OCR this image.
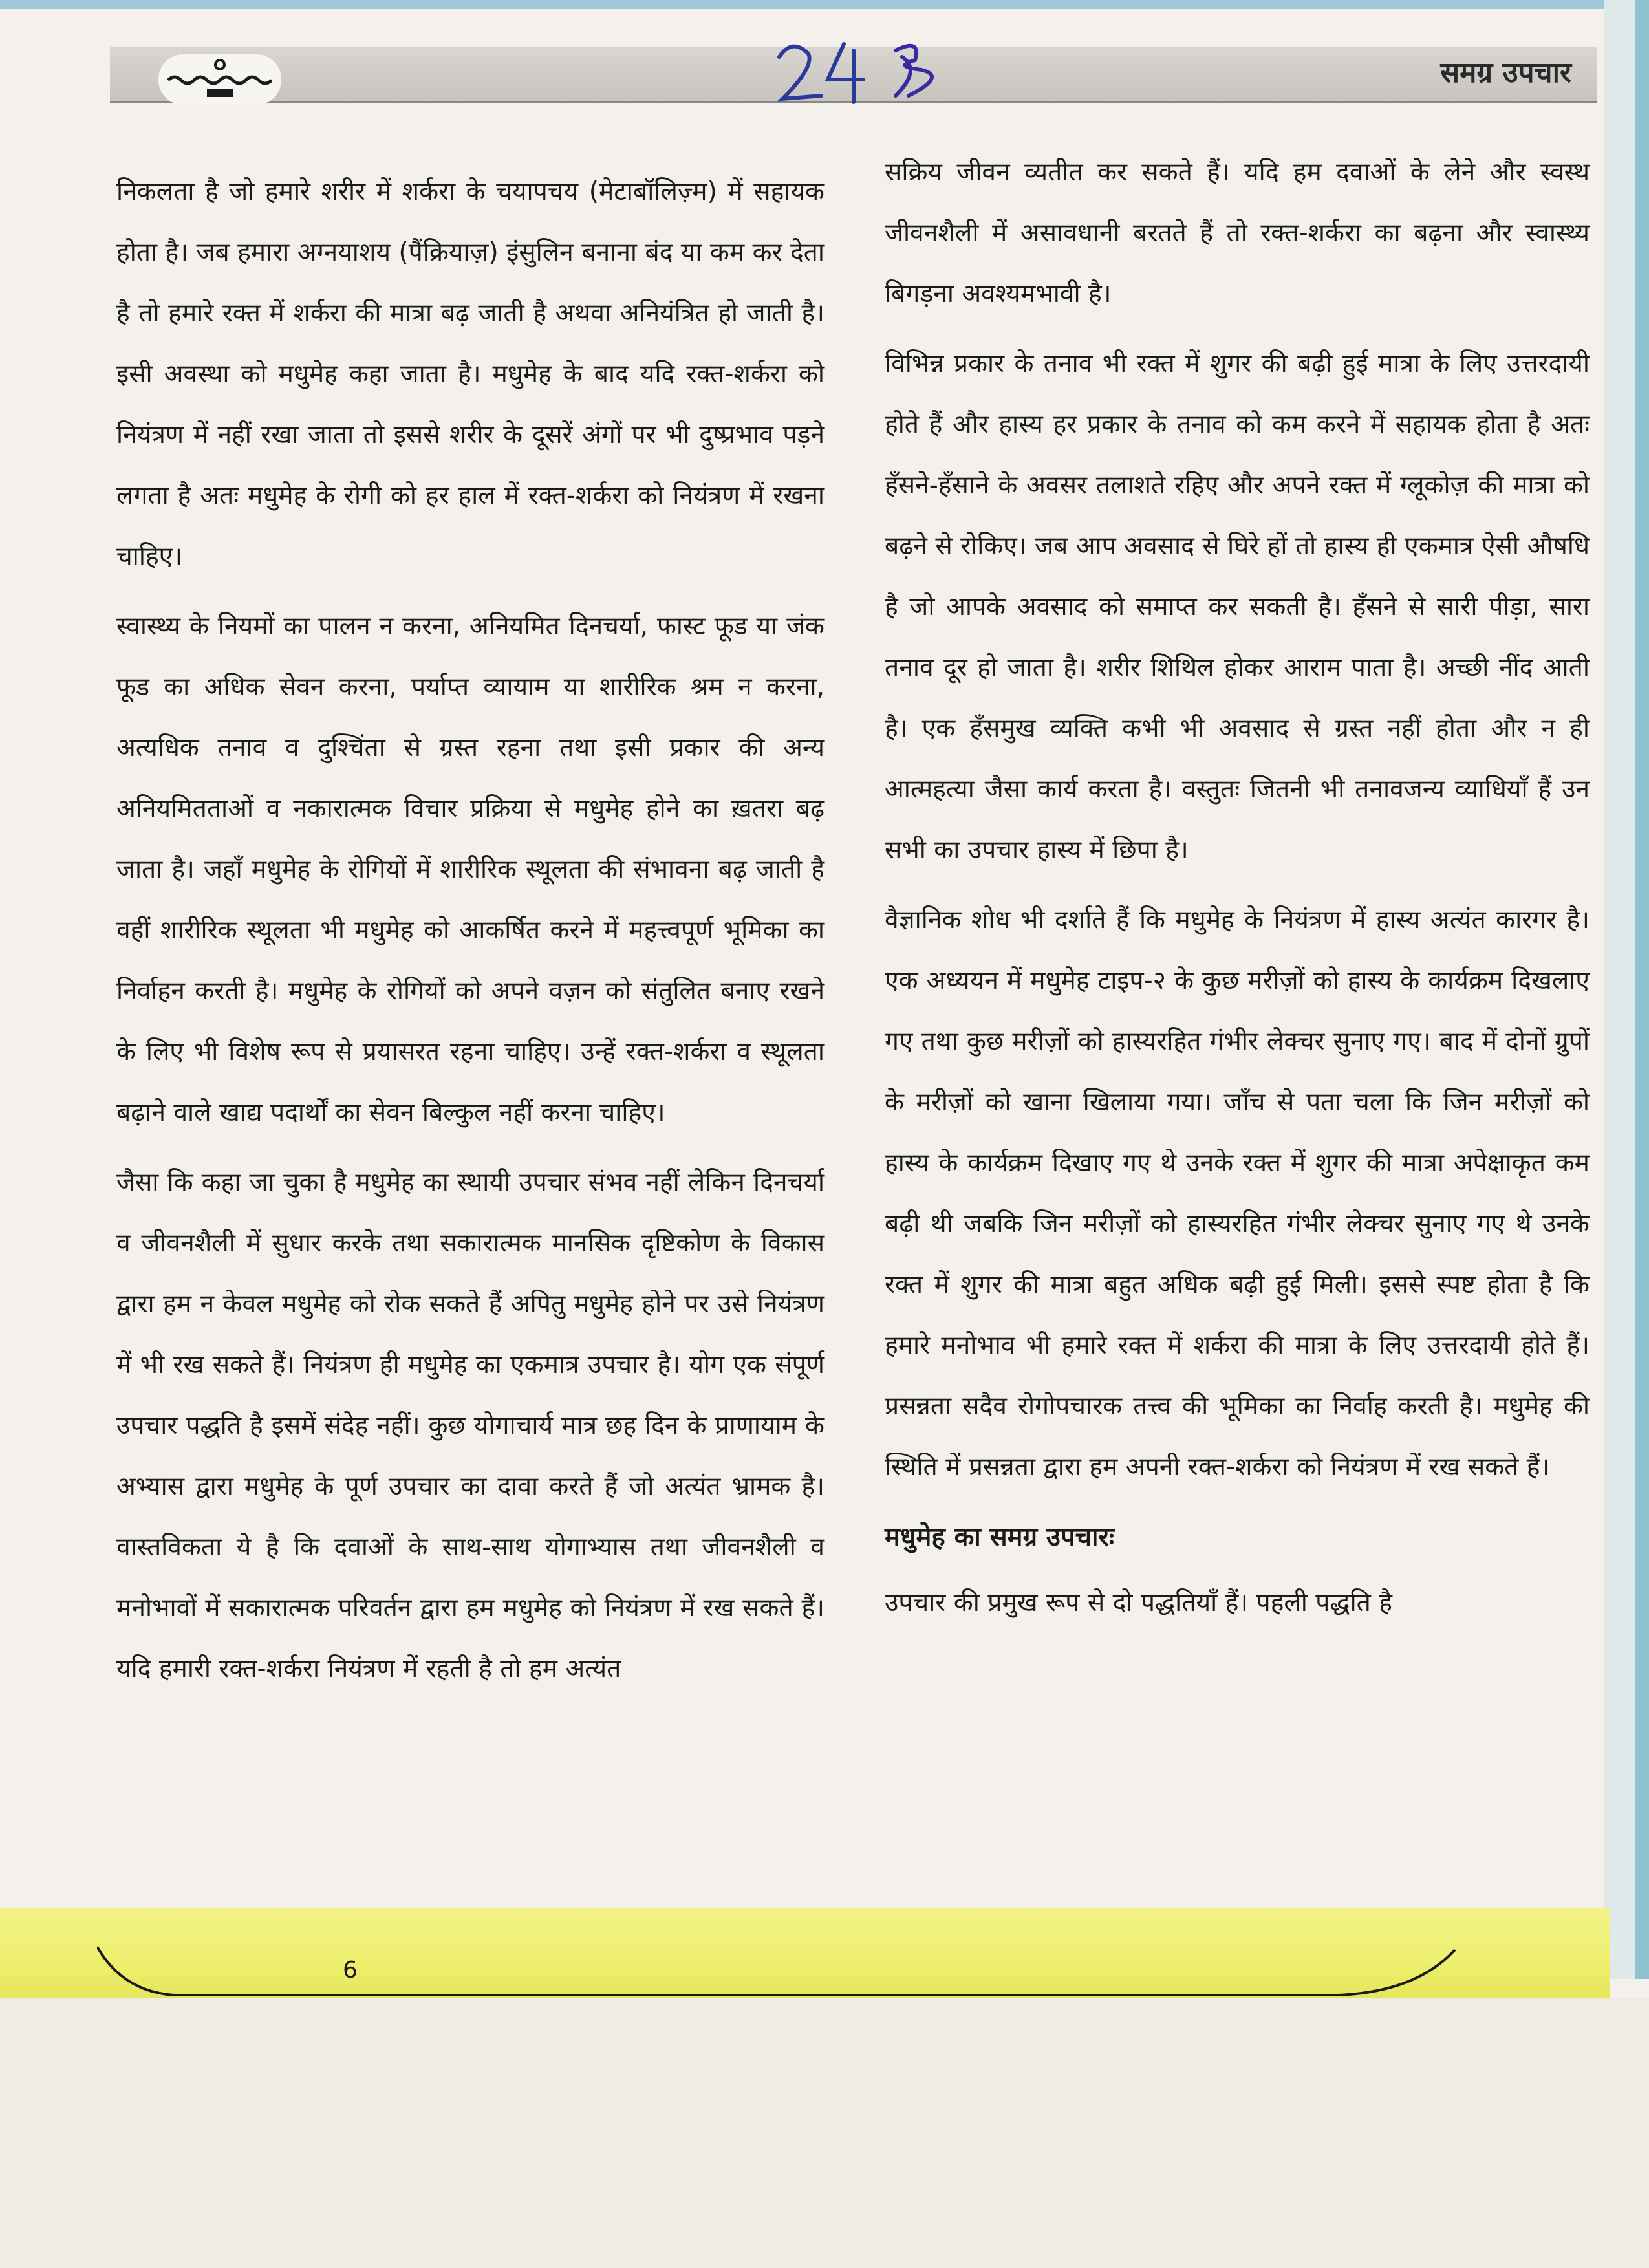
समग्र उपचार

निकलता है जो हमारे शरीर में शर्करा के चयापचय (मेटाबॉलिज़्म) में सहायक होता है। जब हमारा अग्नयाशय (पैंक्रियाज़) इंसुलिन बनाना बंद या कम कर देता है तो हमारे रक्त में शर्करा की मात्रा बढ़ जाती है अथवा अनियंत्रित हो जाती है। इसी अवस्था को मधुमेह कहा जाता है। मधुमेह के बाद यदि रक्त-शर्करा को नियंत्रण में नहीं रखा जाता तो इससे शरीर के दूसरें अंगों पर भी दुष्प्रभाव पड़ने लगता है अतः मधुमेह के रोगी को हर हाल में रक्त-शर्करा को नियंत्रण में रखना चाहिए।

स्वास्थ्य के नियमों का पालन न करना, अनियमित दिनचर्या, फास्ट फूड या जंक फूड का अधिक सेवन करना, पर्याप्त व्यायाम या शारीरिक श्रम न करना, अत्यधिक तनाव व दुश्चिंता से ग्रस्त रहना तथा इसी प्रकार की अन्य अनियमितताओं व नकारात्मक विचार प्रक्रिया से मधुमेह होने का ख़तरा बढ़ जाता है। जहाँ मधुमेह के रोगियों में शारीरिक स्थूलता की संभावना बढ़ जाती है वहीं शारीरिक स्थूलता भी मधुमेह को आकर्षित करने में महत्त्वपूर्ण भूमिका का निर्वाहन करती है। मधुमेह के रोगियों को अपने वज़न को संतुलित बनाए रखने के लिए भी विशेष रूप से प्रयासरत रहना चाहिए। उन्हें रक्त-शर्करा व स्थूलता बढ़ाने वाले खाद्य पदार्थों का सेवन बिल्कुल नहीं करना चाहिए।

जैसा कि कहा जा चुका है मधुमेह का स्थायी उपचार संभव नहीं लेकिन दिनचर्या व जीवनशैली में सुधार करके तथा सकारात्मक मानसिक दृष्टिकोण के विकास द्वारा हम न केवल मधुमेह को रोक सकते हैं अपितु मधुमेह होने पर उसे नियंत्रण में भी रख सकते हैं। नियंत्रण ही मधुमेह का एकमात्र उपचार है। योग एक संपूर्ण उपचार पद्धति है इसमें संदेह नहीं। कुछ योगाचार्य मात्र छह दिन के प्राणायाम के अभ्यास द्वारा मधुमेह के पूर्ण उपचार का दावा करते हैं जो अत्यंत भ्रामक है। वास्तविकता ये है कि दवाओं के साथ-साथ योगाभ्यास तथा जीवनशैली व मनोभावों में सकारात्मक परिवर्तन द्वारा हम मधुमेह को नियंत्रण में रख सकते हैं। यदि हमारी रक्त-शर्करा नियंत्रण में रहती है तो हम अत्यंत

सक्रिय जीवन व्यतीत कर सकते हैं। यदि हम दवाओं के लेने और स्वस्थ जीवनशैली में असावधानी बरतते हैं तो रक्त-शर्करा का बढ़ना और स्वास्थ्य बिगड़ना अवश्यमभावी है।

विभिन्न प्रकार के तनाव भी रक्त में शुगर की बढ़ी हुई मात्रा के लिए उत्तरदायी होते हैं और हास्य हर प्रकार के तनाव को कम करने में सहायक होता है अतः हँसने-हँसाने के अवसर तलाशते रहिए और अपने रक्त में ग्लूकोज़ की मात्रा को बढ़ने से रोकिए। जब आप अवसाद से घिरे हों तो हास्य ही एकमात्र ऐसी औषधि है जो आपके अवसाद को समाप्त कर सकती है। हँसने से सारी पीड़ा, सारा तनाव दूर हो जाता है। शरीर शिथिल होकर आराम पाता है। अच्छी नींद आती है। एक हँसमुख व्यक्ति कभी भी अवसाद से ग्रस्त नहीं होता और न ही आत्महत्या जैसा कार्य करता है। वस्तुतः जितनी भी तनावजन्य व्याधियाँ हैं उन सभी का उपचार हास्य में छिपा है।

वैज्ञानिक शोध भी दर्शाते हैं कि मधुमेह के नियंत्रण में हास्य अत्यंत कारगर है। एक अध्ययन में मधुमेह टाइप-२ के कुछ मरीज़ों को हास्य के कार्यक्रम दिखलाए गए तथा कुछ मरीज़ों को हास्यरहित गंभीर लेक्चर सुनाए गए। बाद में दोनों ग्रुपों के मरीज़ों को खाना खिलाया गया। जाँच से पता चला कि जिन मरीज़ों को हास्य के कार्यक्रम दिखाए गए थे उनके रक्त में शुगर की मात्रा अपेक्षाकृत कम बढ़ी थी जबकि जिन मरीज़ों को हास्यरहित गंभीर लेक्चर सुनाए गए थे उनके रक्त में शुगर की मात्रा बहुत अधिक बढ़ी हुई मिली। इससे स्पष्ट होता है कि हमारे मनोभाव भी हमारे रक्त में शर्करा की मात्रा के लिए उत्तरदायी होते हैं। प्रसन्नता सदैव रोगोपचारक तत्त्व की भूमिका का निर्वाह करती है। मधुमेह की स्थिति में प्रसन्नता द्वारा हम अपनी रक्त-शर्करा को नियंत्रण में रख सकते हैं।

मधुमेह का समग्र उपचारः

उपचार की प्रमुख रूप से दो पद्धतियाँ हैं। पहली पद्धति है

6
